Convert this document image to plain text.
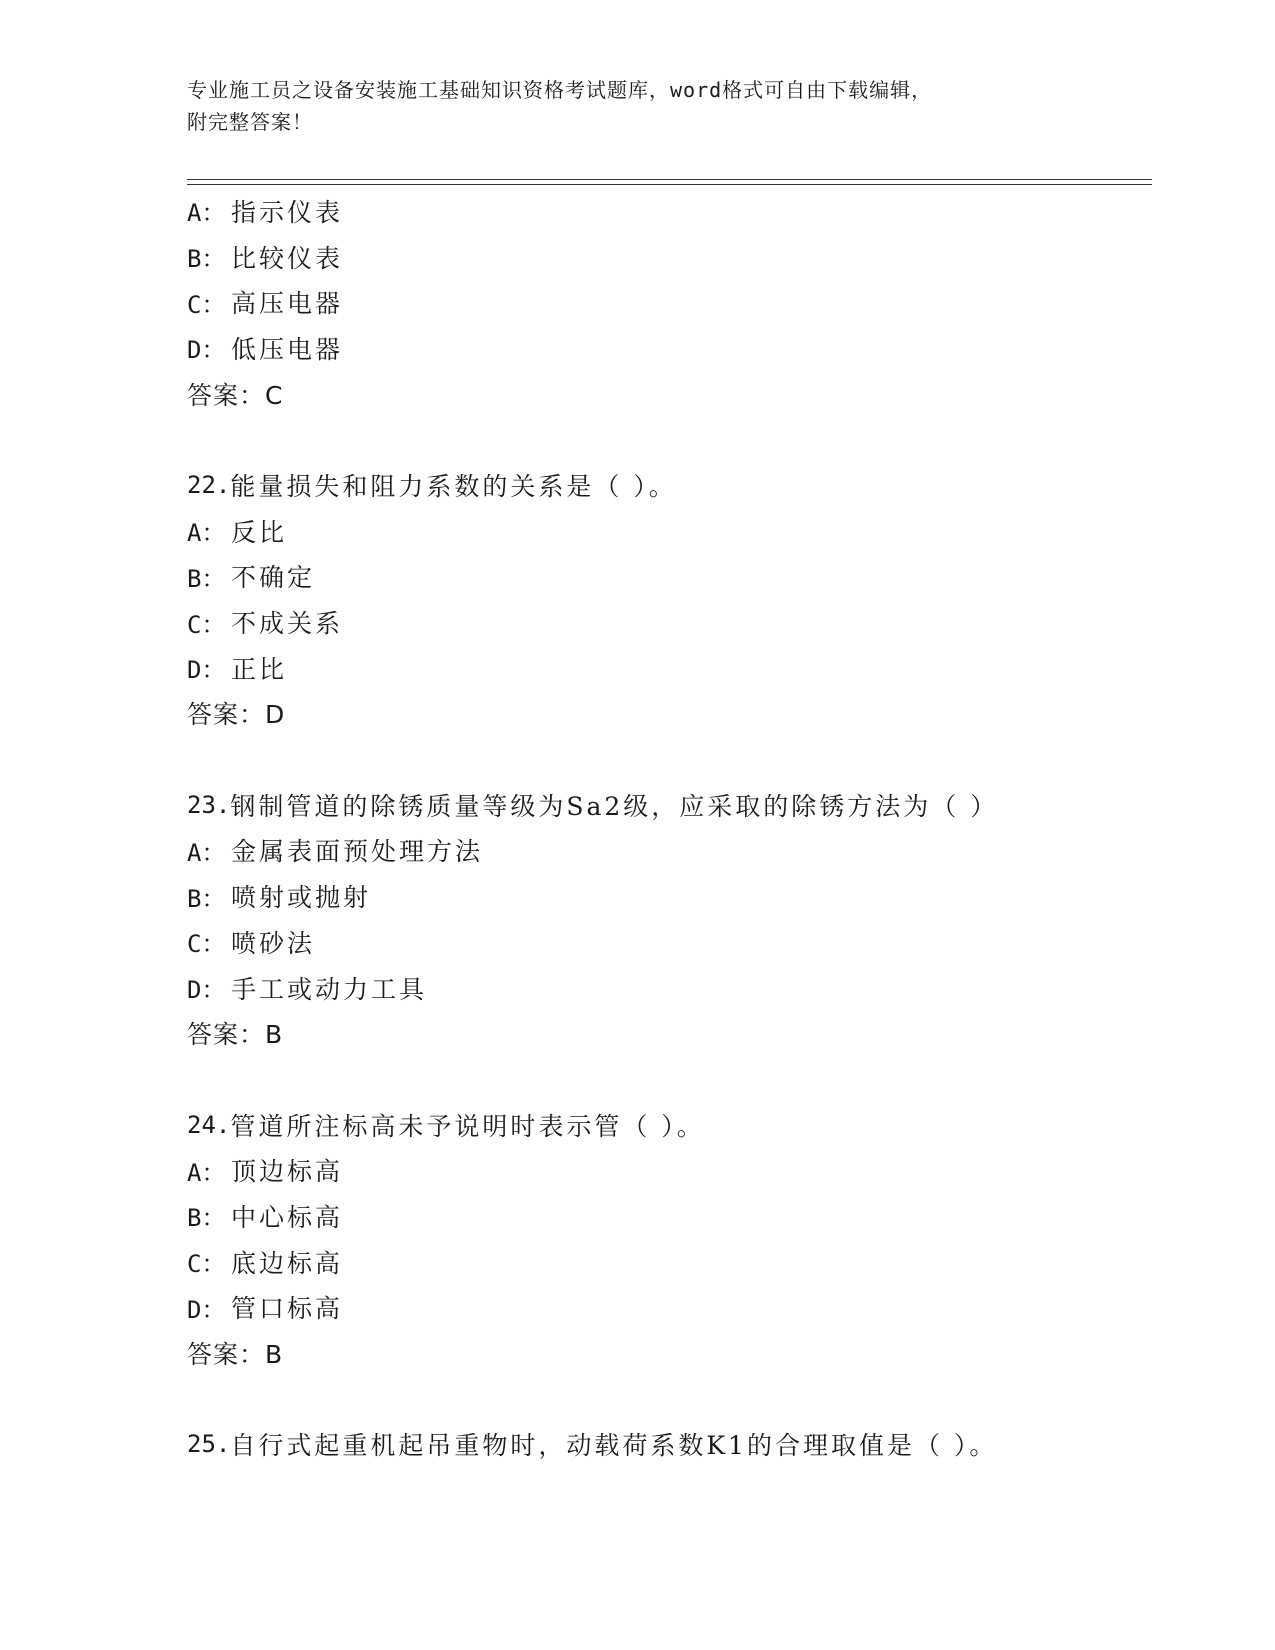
专业施工员之设备安装施工基础知识资格考试题库，word格式可自由下载编辑，
附完整答案！
A： 指示仪表
B： 比较仪表
C： 高压电器
D： 低压电器
答案：C
22. 能量损失和阻力系数的关系是（ ）。
A： 反比
B： 不确定
C： 不成关系
D： 正比
答案：D
23. 钢制管道的除锈质量等级为Sa2级，应采取的除锈方法为（ ）
A： 金属表面预处理方法
B： 喷射或抛射
C： 喷砂法
D： 手工或动力工具
答案：B
24. 管道所注标高未予说明时表示管（ ）。
A： 顶边标高
B： 中心标高
C： 底边标高
D： 管口标高
答案：B
25. 自行式起重机起吊重物时，动载荷系数K1的合理取值是（ ）。
